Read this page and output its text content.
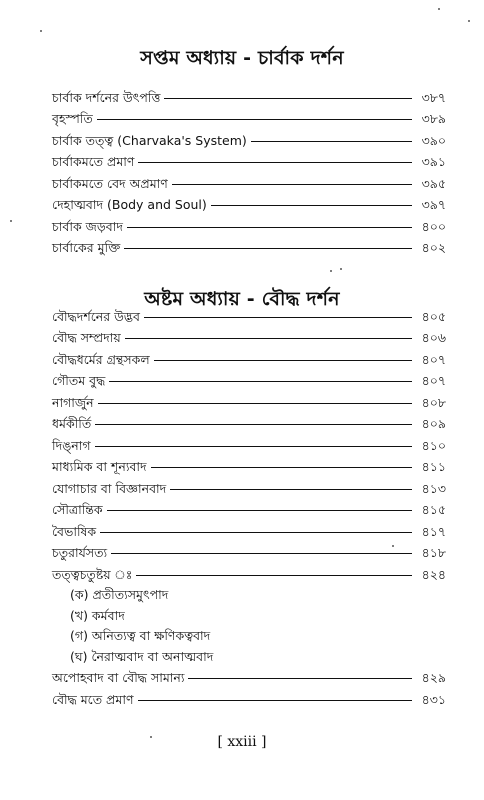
সপ্তম অধ্যায় - চার্বাক দর্শন
চার্বাক দর্শনের উৎপত্তি	৩৮৭
বৃহস্পতি	৩৮৯
চার্বাক তত্ত্ব (Charvaka's System)	৩৯০
চার্বাকমতে প্রমাণ	৩৯১
চার্বাকমতে বেদ অপ্রমাণ	৩৯৫
দেহাত্মবাদ (Body and Soul)	৩৯৭
চার্বাক জড়বাদ	৪০০
চার্বাকের মুক্তি	৪০২
অষ্টম অধ্যায় - বৌদ্ধ দর্শন
বৌদ্ধদর্শনের উদ্ভব	৪০৫
বৌদ্ধ সম্প্রদায়	৪০৬
বৌদ্ধধর্মের গ্রন্থসকল	৪০৭
গৌতম বুদ্ধ	৪০৭
নাগার্জুন	৪০৮
ধর্মকীর্তি	৪০৯
দিঙ্‌নাগ	৪১০
মাধ্যমিক বা শূন্যবাদ	৪১১
যোগাচার বা বিজ্ঞানবাদ	৪১৩
সৌত্রান্তিক	৪১৫
বৈভাষিক	৪১৭
চতুরার্যসত্য	৪১৮
তত্ত্বচতুষ্টয় ঃ	৪২৪
(ক) প্রতীত্যসমুৎপাদ
(খ) কর্মবাদ
(গ) অনিত্যত্ব বা ক্ষণিকত্ববাদ
(ঘ) নৈরাত্মবাদ বা অনাত্মবাদ
অপোহবাদ বা বৌদ্ধ সামান্য	৪২৯
বৌদ্ধ মতে প্রমাণ	৪৩১
[ xxiii ]
